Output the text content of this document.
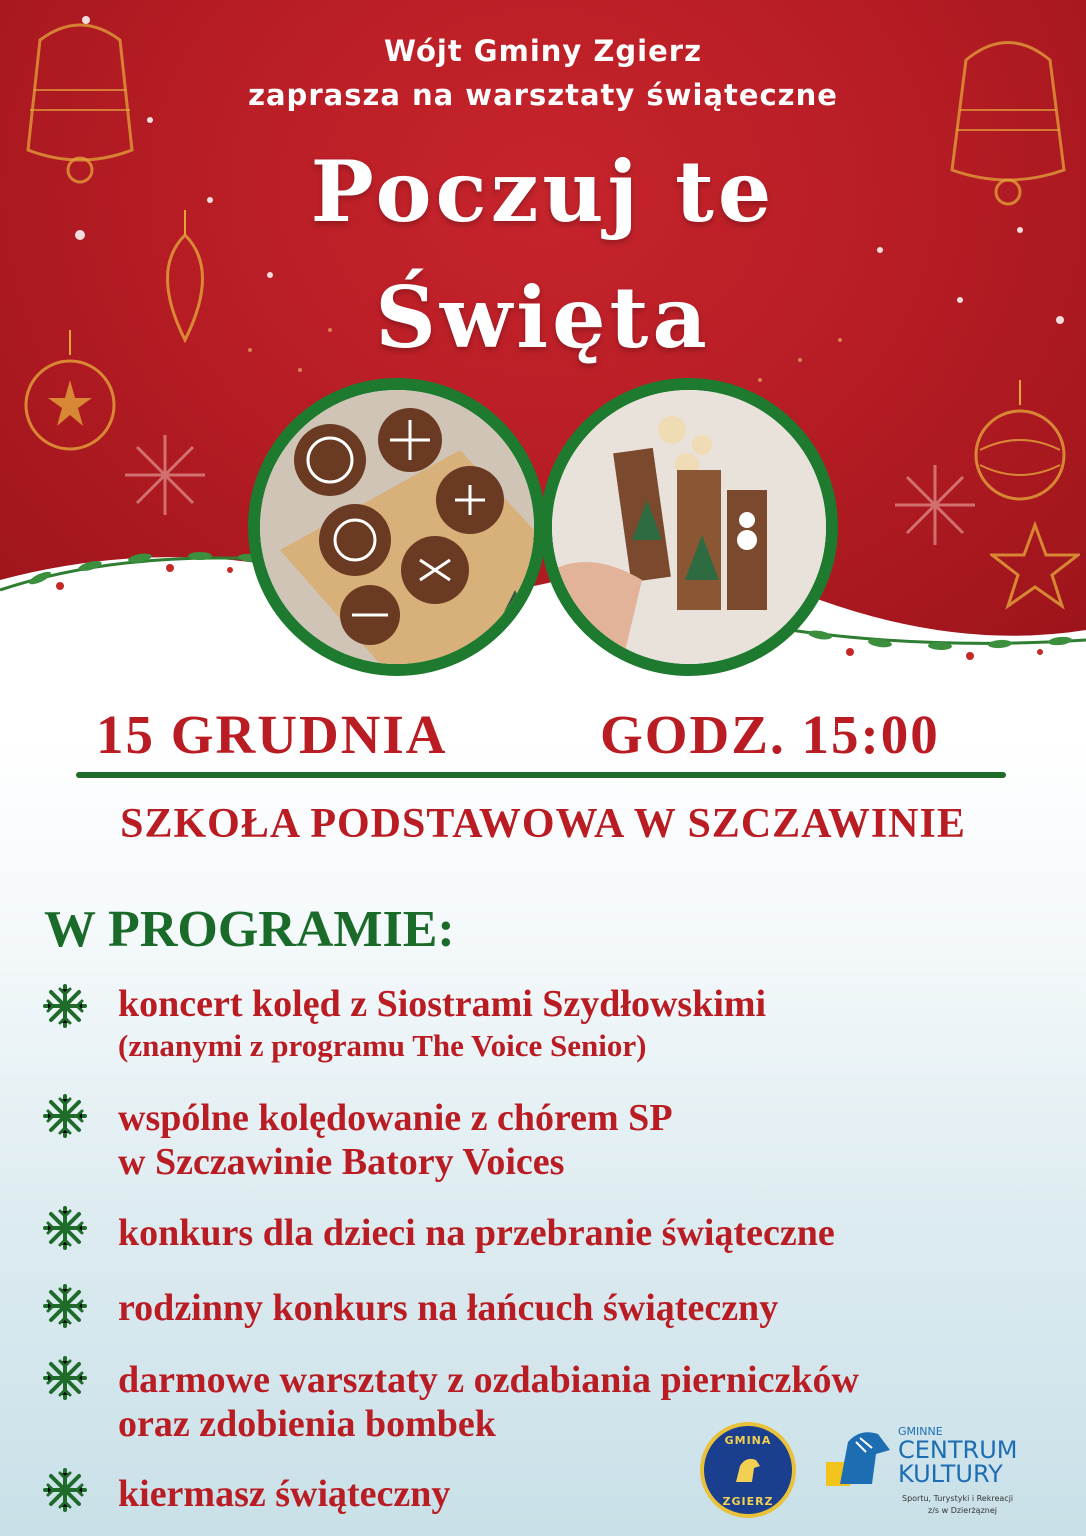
Wójt Gminy Zgierz
zaprasza na warsztaty świąteczne
Poczuj te
Święta
15 GRUDNIA	GODZ. 15:00
SZKOŁA PODSTAWOWA W SZCZAWINIE
W PROGRAMIE:
koncert kolęd z Siostrami Szydłowskimi
(znanymi z programu The Voice Senior)
wspólne kolędowanie z chórem SP
w Szczawinie Batory Voices
konkurs dla dzieci na przebranie świąteczne
rodzinny konkurs na łańcuch świąteczny
darmowe warsztaty z ozdabiania pierniczków
oraz zdobienia bombek
kiermasz świąteczny
GMINA
ZGIERZ
GMINNE
CENTRUM
KULTURY
Sportu, Turystyki i Rekreacji
z/s w Dzierżąznej
